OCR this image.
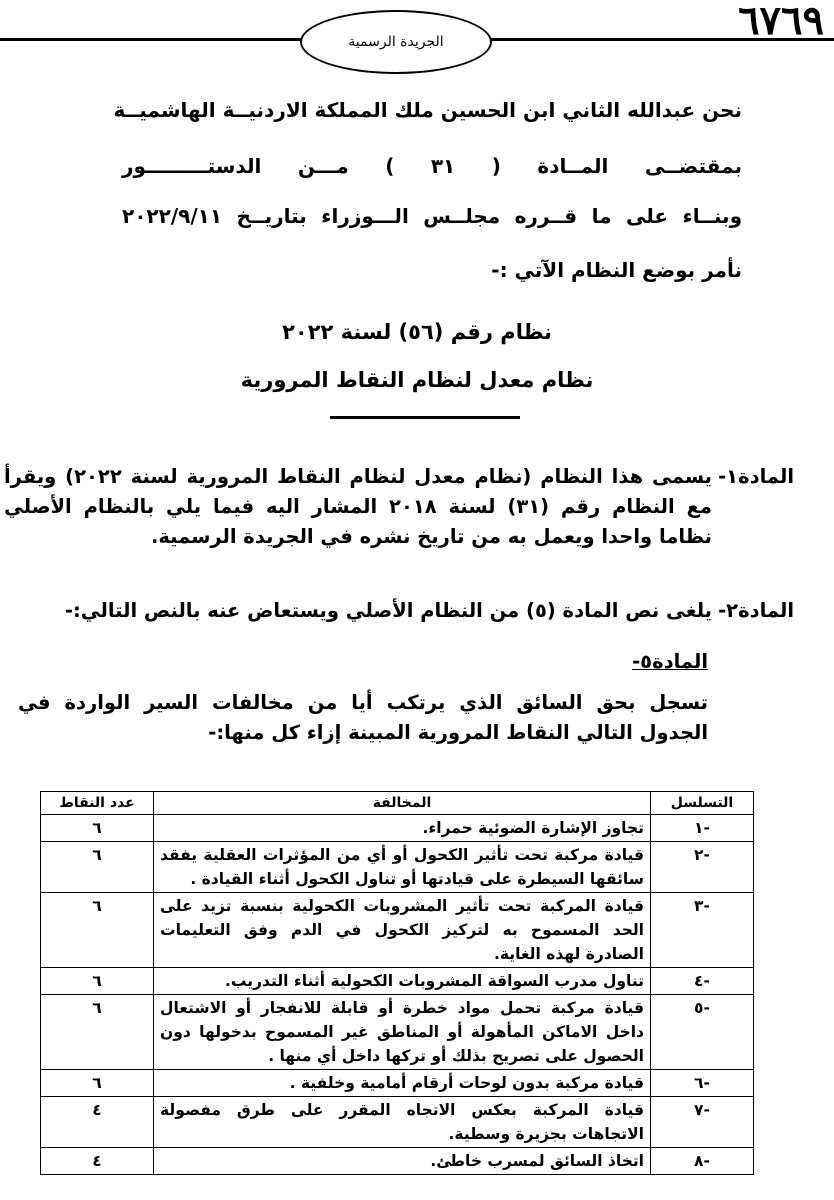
٦٧٦٩
الجريدة الرسمية
نحن عبدالله الثاني ابن الحسين ملك المملكة الاردنيــة الهاشميــة
بمقتضــى المــادة ( ٣١ ) مـــن الدستـــــــــور
وبنــاء على ما قــرره مجلــس الـــوزراء بتاريــخ ٢٠٢٢/٩/١١
نأمر بوضع النظام الآتي :-
نظام رقم (٥٦) لسنة ٢٠٢٢
نظام معدل لنظام النقاط المرورية
المادة١-
يسمى هذا النظام (نظام معدل لنظام النقاط المرورية لسنة ٢٠٢٢) ويقرأ مع النظام رقم (٣١) لسنة ٢٠١٨ المشار اليه فيما يلي بالنظام الأصلي نظاما واحدا ويعمل به من تاريخ نشره في الجريدة الرسمية.
المادة٢-
يلغى نص المادة (٥) من النظام الأصلي ويستعاض عنه بالنص التالي:-
المادة٥-
تسجل بحق السائق الذي يرتكب أيا من مخالفات السير الواردة في الجدول التالي النقاط المرورية المبينة إزاء كل منها:-
التسلسل	المخالفة	عدد النقاط
-١	تجاوز الإشارة الضوئية حمراء.	٦
-٢	قيادة مركبة تحت تأثير الكحول أو أي من المؤثرات العقلية يفقد سائقها السيطرة على قيادتها أو تناول الكحول أثناء القيادة .	٦
-٣	قيادة المركبة تحت تأثير المشروبات الكحولية بنسبة تزيد على الحد المسموح به لتركيز الكحول في الدم وفق التعليمات الصادرة لهذه الغاية.	٦
-٤	تناول مدرب السواقة المشروبات الكحولية أثناء التدريب.	٦
-٥	قيادة مركبة تحمل مواد خطرة أو قابلة للانفجار أو الاشتعال داخل الاماكن المأهولة أو المناطق غير المسموح بدخولها دون الحصول على تصريح بذلك أو تركها داخل أي منها .	٦
-٦	قيادة مركبة بدون لوحات أرقام أمامية وخلفية .	٦
-٧	قيادة المركبة بعكس الاتجاه المقرر على طرق مفصولة الاتجاهات بجزيرة وسطية.	٤
-٨	اتخاذ السائق لمسرب خاطئ.	٤
